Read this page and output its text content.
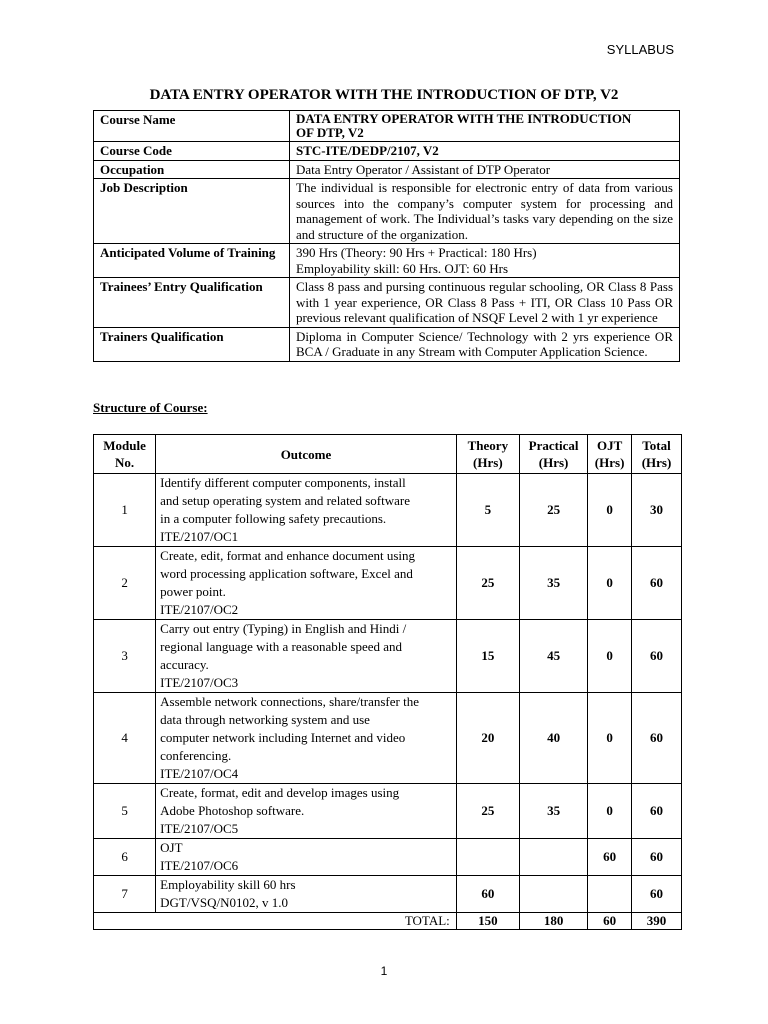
SYLLABUS
DATA ENTRY OPERATOR WITH THE INTRODUCTION OF DTP, V2
Course Name	DATA ENTRY OPERATOR WITH THE INTRODUCTION
OF DTP, V2

Course Code	STC-ITE/DEDP/2107, V2
Occupation	Data Entry Operator / Assistant of DTP Operator
Job Description	The individual is responsible for electronic entry of data from various sources into the company’s computer system for processing and management of work. The Individual’s tasks vary depending on the size and structure of the organization.
Anticipated Volume of Training	390 Hrs (Theory: 90 Hrs + Practical: 180 Hrs)
Employability skill: 60 Hrs. OJT: 60 Hrs

Trainees’ Entry Qualification	Class 8 pass and pursing continuous regular schooling, OR Class 8 Pass with 1 year experience, OR Class 8 Pass + ITI, OR Class 10 Pass OR previous relevant qualification of NSQF Level 2 with 1 yr experience
Trainers Qualification	Diploma in Computer Science/ Technology with 2 yrs experience OR BCA / Graduate in any Stream with Computer Application Science.
Structure of Course:
Module
No.	Outcome	Theory
(Hrs)	Practical
(Hrs)	OJT
(Hrs)	Total
(Hrs)

1	Identify different computer components, install
and setup operating system and related software
in a computer following safety precautions.
ITE/2107/OC1	5	25	0	30
2	Create, edit, format and enhance document using
word processing application software, Excel and
power point.
ITE/2107/OC2	25	35	0	60
3	Carry out entry (Typing) in English and Hindi /
regional language with a reasonable speed and
accuracy.
ITE/2107/OC3	15	45	0	60
4	Assemble network connections, share/transfer the
data through networking system and use
computer network including Internet and video
conferencing.
ITE/2107/OC4	20	40	0	60
5	Create, format, edit and develop images using
Adobe Photoshop software.
ITE/2107/OC5	25	35	0	60
6	OJT
ITE/2107/OC6			60	60
7	Employability skill 60 hrs
DGT/VSQ/N0102, v 1.0	60			60
TOTAL:		150	180	60	390
1
